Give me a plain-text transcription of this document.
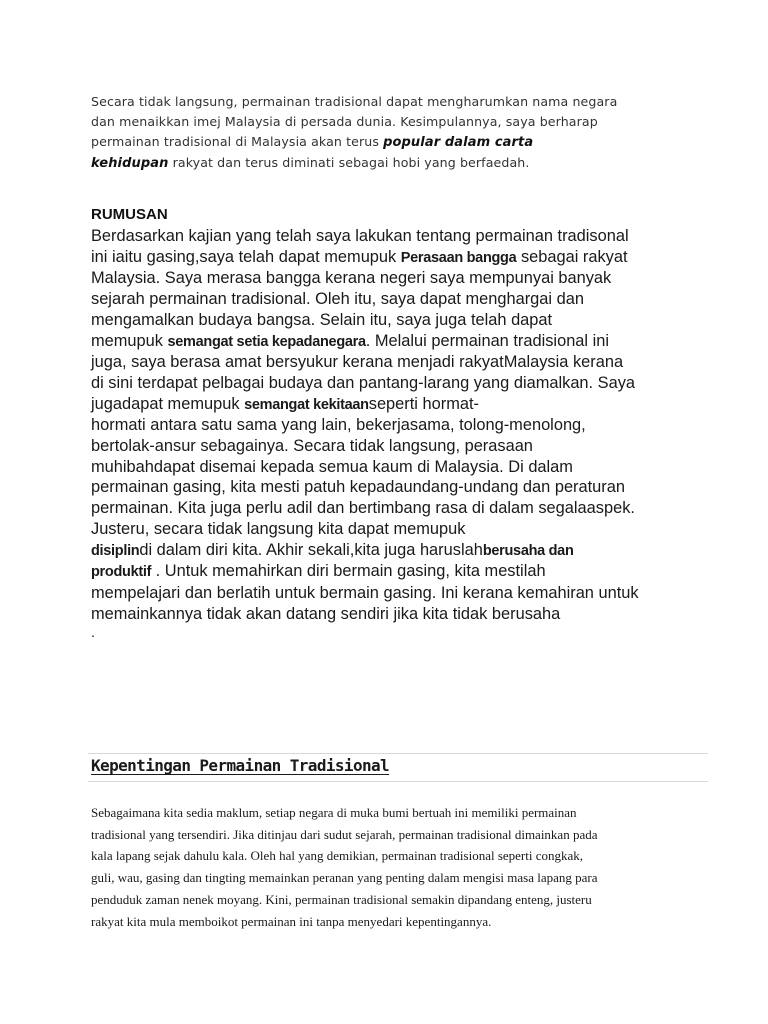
Secara tidak langsung, permainan tradisional dapat mengharumkan nama negara
dan menaikkan imej Malaysia di persada dunia. Kesimpulannya, saya berharap
permainan tradisional di Malaysia akan terus popular dalam carta
kehidupan rakyat dan terus diminati sebagai hobi yang berfaedah.
RUMUSAN
Berdasarkan kajian yang telah saya lakukan tentang permainan tradisonal
ini iaitu gasing,saya telah dapat memupuk Perasaan bangga sebagai rakyat
Malaysia. Saya merasa bangga kerana negeri saya mempunyai banyak
sejarah permainan tradisional. Oleh itu, saya dapat menghargai dan
mengamalkan budaya bangsa. Selain itu, saya juga telah dapat
memupuk semangat setia kepadanegara. Melalui permainan tradisional ini
juga, saya berasa amat bersyukur kerana menjadi rakyatMalaysia kerana
di sini terdapat pelbagai budaya dan pantang-larang yang diamalkan. Saya
jugadapat memupuk semangat kekitaanseperti hormat-
hormati antara satu sama yang lain, bekerjasama, tolong-menolong,
bertolak-ansur sebagainya. Secara tidak langsung, perasaan
muhibahdapat disemai kepada semua kaum di Malaysia. Di dalam
permainan gasing, kita mesti patuh kepadaundang-undang dan peraturan
permainan. Kita juga perlu adil dan bertimbang rasa di dalam segalaaspek.
Justeru, secara tidak langsung kita dapat memupuk
disiplindi dalam diri kita. Akhir sekali,kita juga haruslahberusaha dan
produktif . Untuk memahirkan diri bermain gasing, kita mestilah
mempelajari dan berlatih untuk bermain gasing. Ini kerana kemahiran untuk
memainkannya tidak akan datang sendiri jika kita tidak berusaha
.
Kepentingan Permainan Tradisional
Sebagaimana kita sedia maklum, setiap negara di muka bumi bertuah ini memiliki permainan
tradisional yang tersendiri. Jika ditinjau dari sudut sejarah, permainan tradisional dimainkan pada
kala lapang sejak dahulu kala. Oleh hal yang demikian, permainan tradisional seperti congkak,
guli, wau, gasing dan tingting memainkan peranan yang penting dalam mengisi masa lapang para
penduduk zaman nenek moyang. Kini, permainan tradisional semakin dipandang enteng, justeru
rakyat kita mula memboikot permainan ini tanpa menyedari kepentingannya.
